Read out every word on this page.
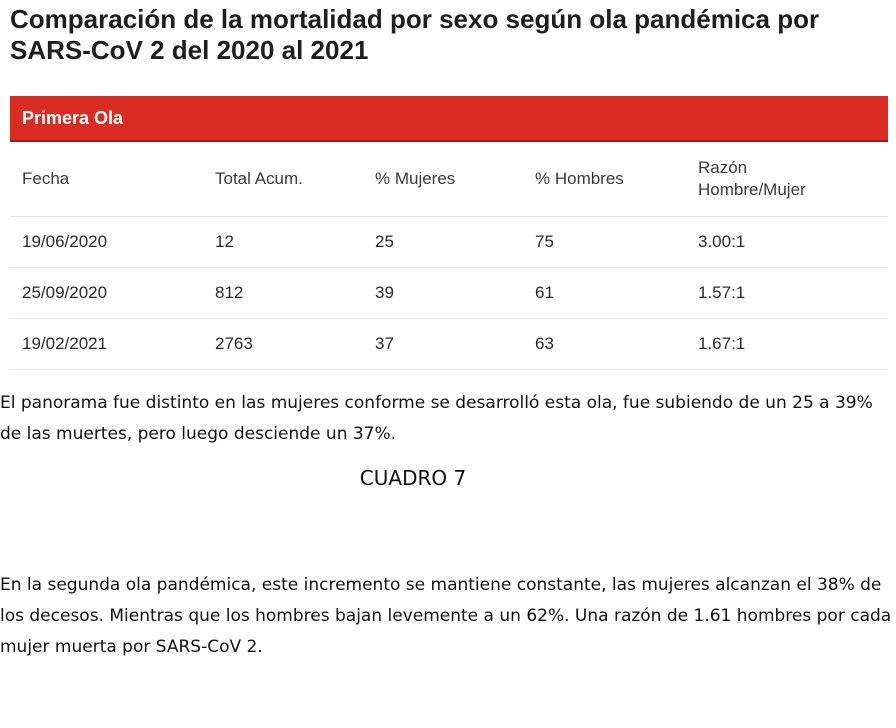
Comparación de la mortalidad por sexo según ola pandémica por SARS-CoV 2 del 2020 al 2021
Primera Ola
Fecha	Total Acum.	% Mujeres	% Hombres	Razón
Hombre/Mujer
19/06/2020	12	25	75	3.00:1
25/09/2020	812	39	61	1.57:1
19/02/2021	2763	37	63	1.67:1

El panorama fue distinto en las mujeres conforme se desarrolló esta ola, fue subiendo de un 25 a 39% de las muertes, pero luego desciende un 37%.

CUADRO 7

En la segunda ola pandémica, este incremento se mantiene constante, las mujeres alcanzan el 38% de los decesos. Mientras que los hombres bajan levemente a un 62%. Una razón de 1.61 hombres por cada mujer muerta por SARS-CoV 2.
